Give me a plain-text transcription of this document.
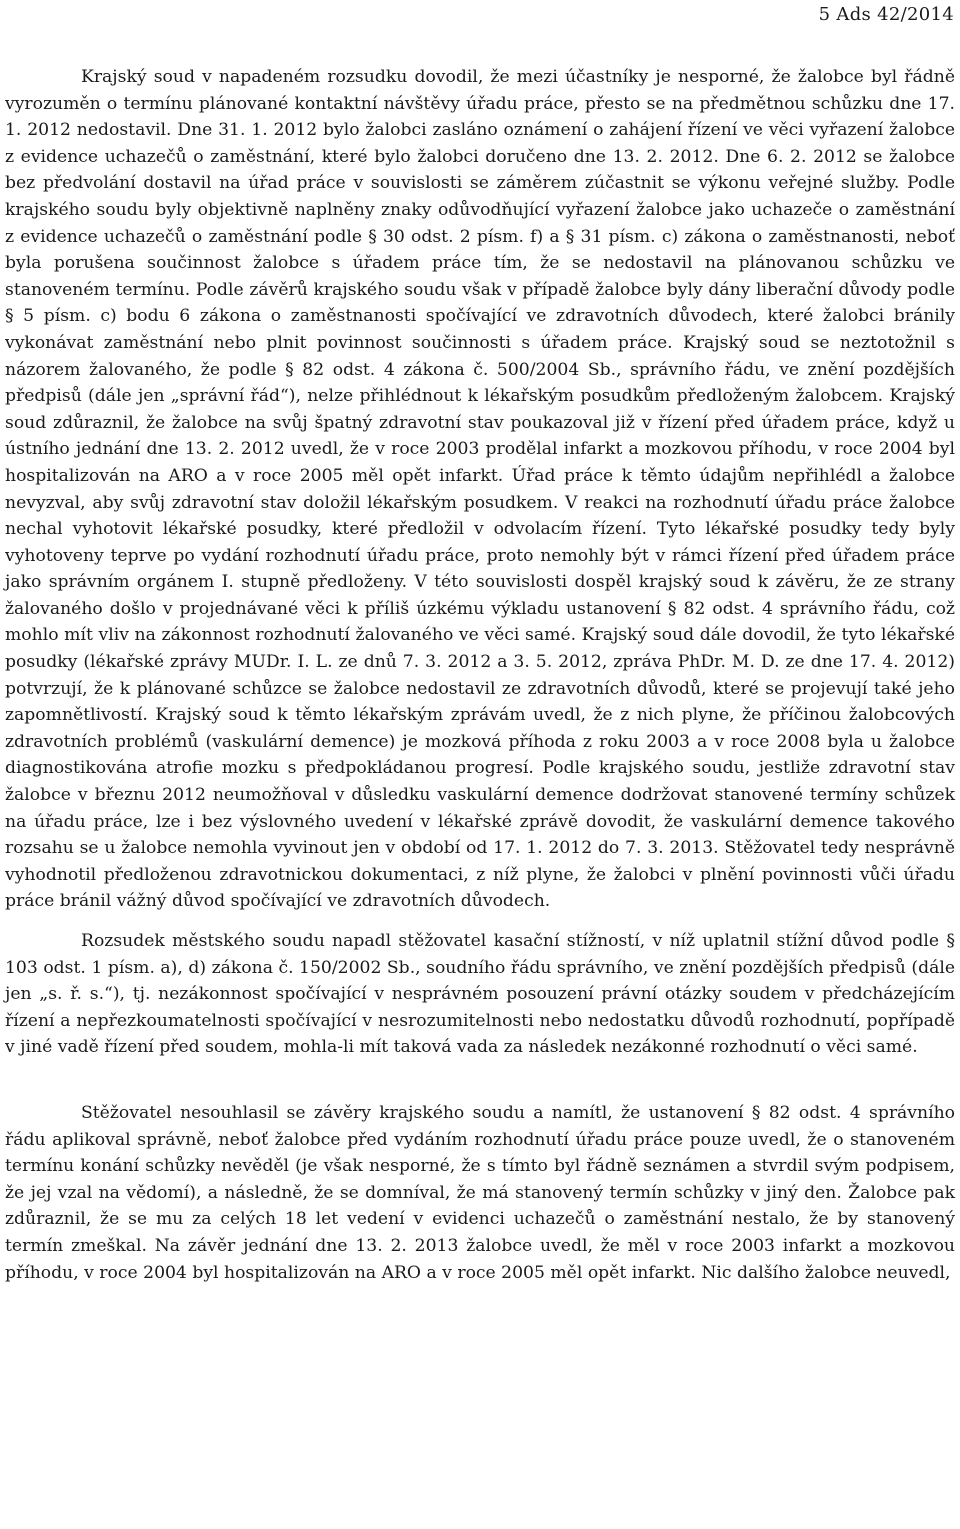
5 Ads 42/2014

Krajský soud v napadeném rozsudku dovodil, že mezi účastníky je nesporné, že žalobce byl řádně vyrozuměn o termínu plánované kontaktní návštěvy úřadu práce, přesto se na předmětnou schůzku dne 17. 1. 2012 nedostavil. Dne 31. 1. 2012 bylo žalobci zasláno oznámení o zahájení řízení ve věci vyřazení žalobce z evidence uchazečů o zaměstnání, které bylo žalobci doručeno dne 13. 2. 2012. Dne 6. 2. 2012 se žalobce bez předvolání dostavil na úřad práce v souvislosti se záměrem zúčastnit se výkonu veřejné služby. Podle krajského soudu byly objektivně naplněny znaky odůvodňující vyřazení žalobce jako uchazeče o zaměstnání z evidence uchazečů o zaměstnání podle § 30 odst. 2 písm. f) a § 31 písm. c) zákona o zaměstnanosti, neboť byla porušena součinnost žalobce s úřadem práce tím, že se nedostavil na plánovanou schůzku ve stanoveném termínu. Podle závěrů krajského soudu však v případě žalobce byly dány liberační důvody podle § 5 písm. c) bodu 6 zákona o zaměstnanosti spočívající ve zdravotních důvodech, které žalobci bránily vykonávat zaměstnání nebo plnit povinnost součinnosti s úřadem práce. Krajský soud se neztotožnil s názorem žalovaného, že podle § 82 odst. 4 zákona č. 500/2004 Sb., správního řádu, ve znění pozdějších předpisů (dále jen „správní řád“), nelze přihlédnout k lékařským posudkům předloženým žalobcem. Krajský soud zdůraznil, že žalobce na svůj špatný zdravotní stav poukazoval již v řízení před úřadem práce, když u ústního jednání dne 13. 2. 2012 uvedl, že v roce 2003 prodělal infarkt a mozkovou příhodu, v roce 2004 byl hospitalizován na ARO a v roce 2005 měl opět infarkt. Úřad práce k těmto údajům nepřihlédl a žalobce nevyzval, aby svůj zdravotní stav doložil lékařským posudkem. V reakci na rozhodnutí úřadu práce žalobce nechal vyhotovit lékařské posudky, které předložil v odvolacím řízení. Tyto lékařské posudky tedy byly vyhotoveny teprve po vydání rozhodnutí úřadu práce, proto nemohly být v rámci řízení před úřadem práce jako správním orgánem I. stupně předloženy. V této souvislosti dospěl krajský soud k závěru, že ze strany žalovaného došlo v projednávané věci k příliš úzkému výkladu ustanovení § 82 odst. 4 správního řádu, což mohlo mít vliv na zákonnost rozhodnutí žalovaného ve věci samé. Krajský soud dále dovodil, že tyto lékařské posudky (lékařské zprávy MUDr. I. L. ze dnů 7. 3. 2012 a 3. 5. 2012, zpráva PhDr. M. D. ze dne 17. 4. 2012) potvrzují, že k plánované schůzce se žalobce nedostavil ze zdravotních důvodů, které se projevují také jeho zapomnětlivostí. Krajský soud k těmto lékařským zprávám uvedl, že z nich plyne, že příčinou žalobcových zdravotních problémů (vaskulární demence) je mozková příhoda z roku 2003 a v roce 2008 byla u žalobce diagnostikována atrofie mozku s předpokládanou progresí. Podle krajského soudu, jestliže zdravotní stav žalobce v březnu 2012 neumožňoval v důsledku vaskulární demence dodržovat stanovené termíny schůzek na úřadu práce, lze i bez výslovného uvedení v lékařské zprávě dovodit, že vaskulární demence takového rozsahu se u žalobce nemohla vyvinout jen v období od 17. 1. 2012 do 7. 3. 2013. Stěžovatel tedy nesprávně vyhodnotil předloženou zdravotnickou dokumentaci, z níž plyne, že žalobci v plnění povinnosti vůči úřadu práce bránil vážný důvod spočívající ve zdravotních důvodech.

Rozsudek městského soudu napadl stěžovatel kasační stížností, v níž uplatnil stížní důvod podle § 103 odst. 1 písm. a), d) zákona č. 150/2002 Sb., soudního řádu správního, ve znění pozdějších předpisů (dále jen „s. ř. s.“), tj. nezákonnost spočívající v nesprávném posouzení právní otázky soudem v předcházejícím řízení a nepřezkoumatelnosti spočívající v nesrozumitelnosti nebo nedostatku důvodů rozhodnutí, popřípadě v jiné vadě řízení před soudem, mohla-li mít taková vada za následek nezákonné rozhodnutí o věci samé.

Stěžovatel nesouhlasil se závěry krajského soudu a namítl, že ustanovení § 82 odst. 4 správního řádu aplikoval správně, neboť žalobce před vydáním rozhodnutí úřadu práce pouze uvedl, že o stanoveném termínu konání schůzky nevěděl (je však nesporné, že s tímto byl řádně seznámen a stvrdil svým podpisem, že jej vzal na vědomí), a následně, že se domníval, že má stanovený termín schůzky v jiný den. Žalobce pak zdůraznil, že se mu za celých 18 let vedení v evidenci uchazečů o zaměstnání nestalo, že by stanovený termín zmeškal. Na závěr jednání dne 13. 2. 2013 žalobce uvedl, že měl v roce 2003 infarkt a mozkovou příhodu, v roce 2004 byl hospitalizován na ARO a v roce 2005 měl opět infarkt. Nic dalšího žalobce neuvedl,
